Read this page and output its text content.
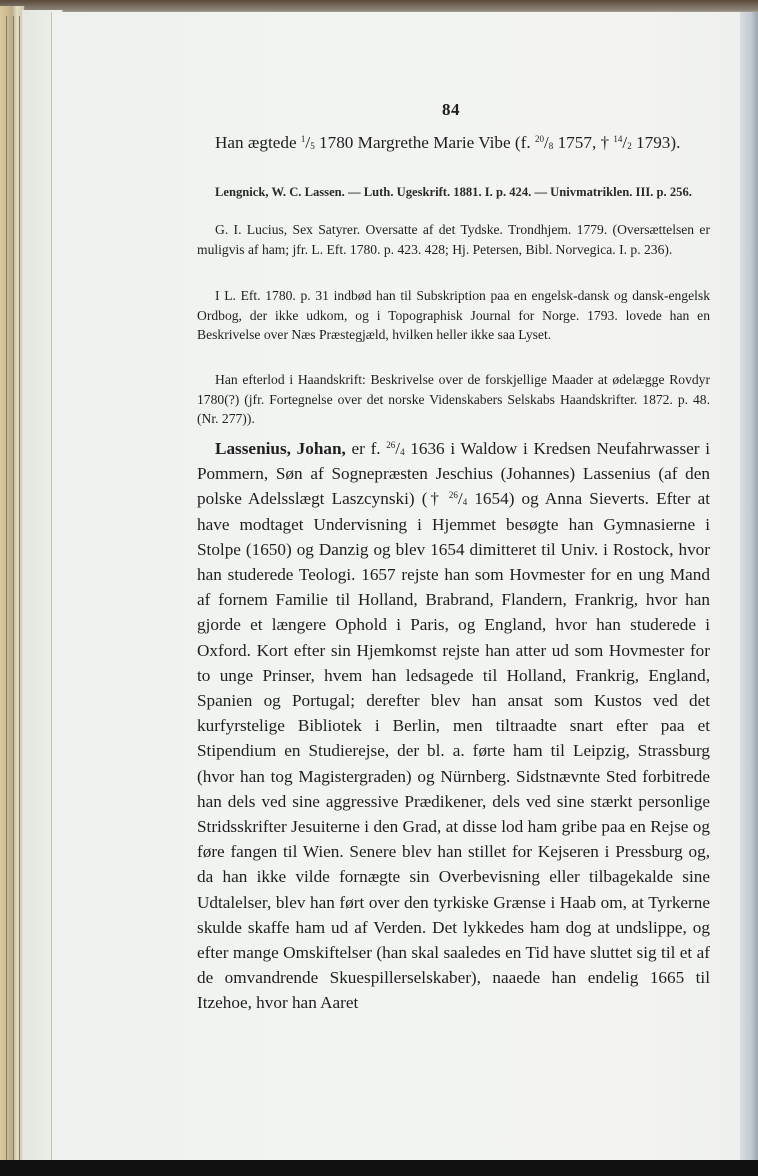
84

Han ægtede $^1/_5$ 1780 Margrethe Marie Vibe (f. $^{20}/_8$ 1757, † $^{14}/_2$ 1793).

Lengnick, W. C. Lassen. — Luth. Ugeskrift. 1881. I. p. 424. — Univmatriklen. III. p. 256.

G. I. Lucius, Sex Satyrer. Oversatte af det Tydske. Trondhjem. 1779. (Oversættelsen er muligvis af ham; jfr. L. Eft. 1780. p. 423. 428; Hj. Petersen, Bibl. Norvegica. I. p. 236).

I L. Eft. 1780. p. 31 indbød han til Subskription paa en engelsk-dansk og dansk-engelsk Ordbog, der ikke udkom, og i Topographisk Journal for Norge. 1793. lovede han en Beskrivelse over Næs Præstegjæld, hvilken heller ikke saa Lyset.

Han efterlod i Haandskrift: Beskrivelse over de forskjellige Maader at ødelægge Rovdyr 1780(?) (jfr. Fortegnelse over det norske Videnskabers Selskabs Haandskrifter. 1872. p. 48. (Nr. 277)).

Lassenius, Johan, er f. $^{26}/_4$ 1636 i Waldow i Kredsen Neufahrwasser i Pommern, Søn af Sognepræsten Jeschius (Johannes) Lassenius (af den polske Adelsslægt Laszcynski) († $^{26}/_4$ 1654) og Anna Sieverts. Efter at have modtaget Undervisning i Hjemmet besøgte han Gymnasierne i Stolpe (1650) og Danzig og blev 1654 dimitteret til Univ. i Rostock, hvor han studerede Teologi. 1657 rejste han som Hovmester for en ung Mand af fornem Familie til Holland, Brabrand, Flandern, Frankrig, hvor han gjorde et længere Ophold i Paris, og England, hvor han studerede i Oxford. Kort efter sin Hjemkomst rejste han atter ud som Hovmester for to unge Prinser, hvem han ledsagede til Holland, Frankrig, England, Spanien og Portugal; derefter blev han ansat som Kustos ved det kurfyrstelige Bibliotek i Berlin, men tiltraadte snart efter paa et Stipendium en Studierejse, der bl. a. førte ham til Leipzig, Strassburg (hvor han tog Magistergraden) og Nürnberg. Sidstnævnte Sted forbitrede han dels ved sine aggressive Prædikener, dels ved sine stærkt personlige Stridsskrifter Jesuiterne i den Grad, at disse lod ham gribe paa en Rejse og føre fangen til Wien. Senere blev han stillet for Kejseren i Pressburg og, da han ikke vilde fornægte sin Overbevisning eller tilbagekalde sine Udtalelser, blev han ført over den tyrkiske Grænse i Haab om, at Tyrkerne skulde skaffe ham ud af Verden. Det lykkedes ham dog at undslippe, og efter mange Omskiftelser (han skal saaledes en Tid have sluttet sig til et af de omvandrende Skuespillerselskaber), naaede han endelig 1665 til Itzehoe, hvor han Aaret
